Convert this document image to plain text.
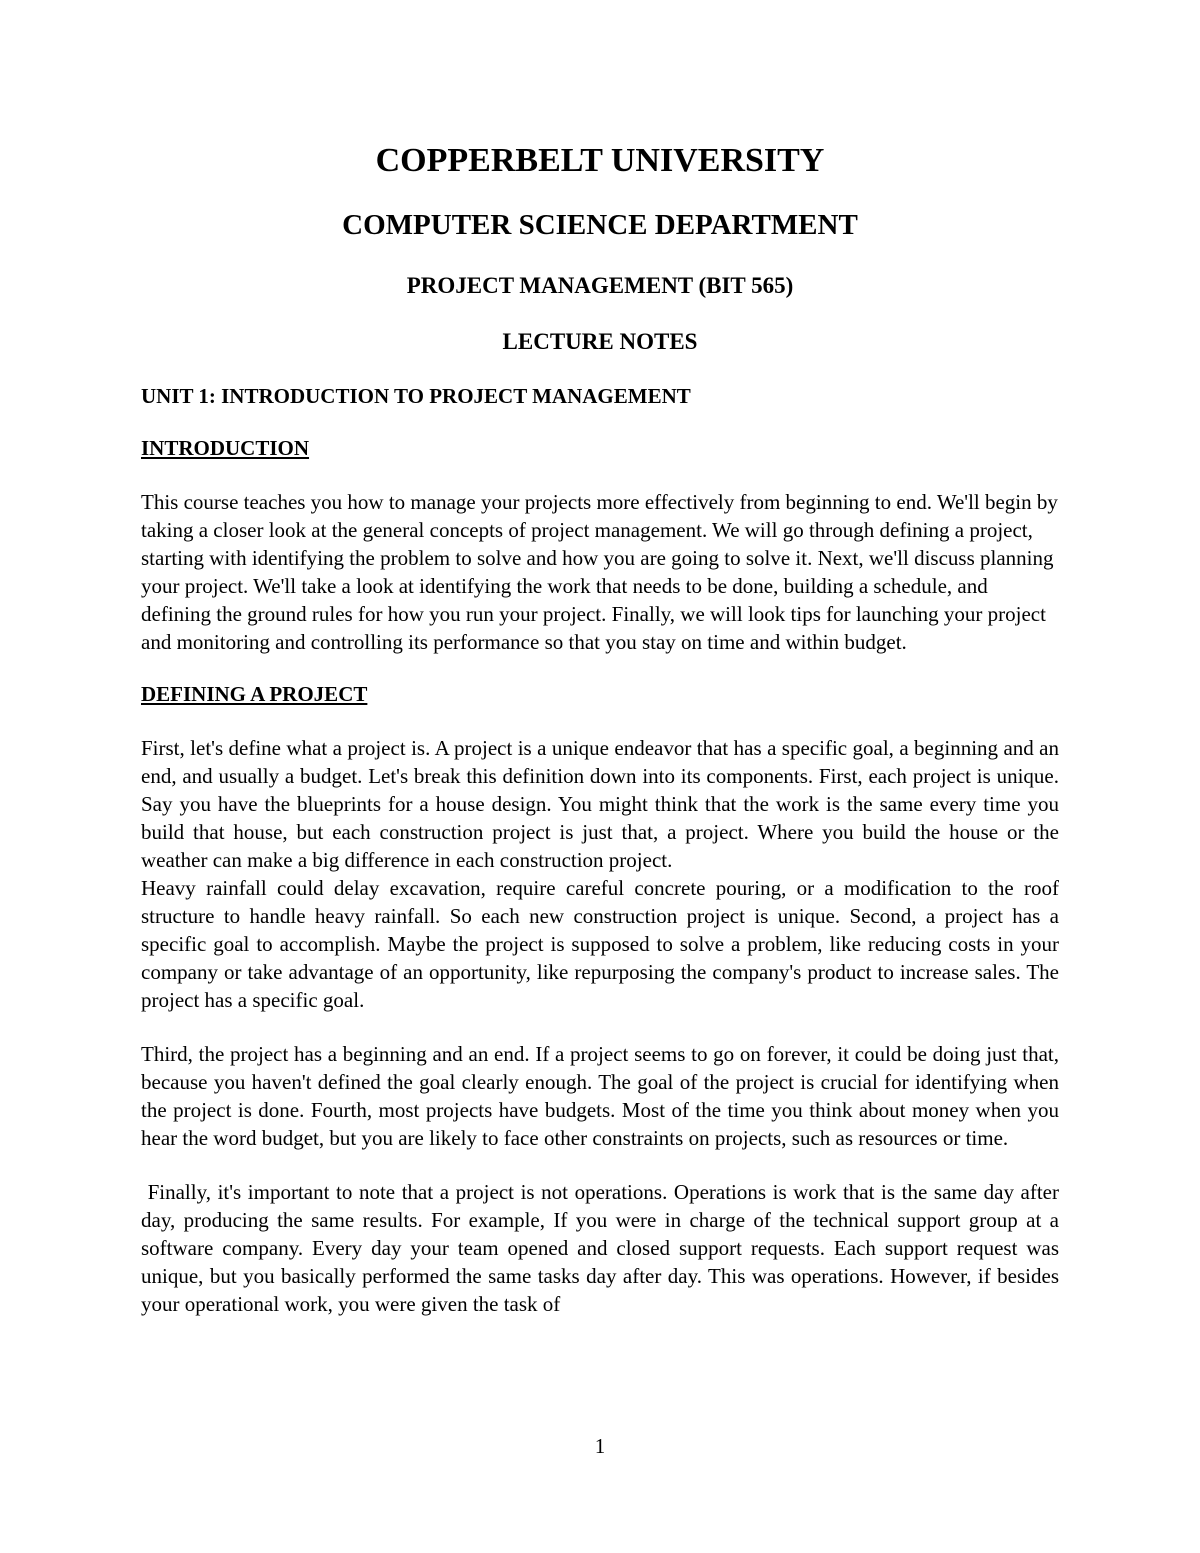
COPPERBELT UNIVERSITY

COMPUTER SCIENCE DEPARTMENT

PROJECT MANAGEMENT (BIT 565)

LECTURE NOTES

UNIT 1: INTRODUCTION TO PROJECT MANAGEMENT

INTRODUCTION

This course teaches you how to manage your projects more effectively from beginning to end. We'll begin by taking a closer look at the general concepts of project management. We will go through defining a project, starting with identifying the problem to solve and how you are going to solve it. Next, we'll discuss planning your project. We'll take a look at identifying the work that needs to be done, building a schedule, and defining the ground rules for how you run your project. Finally, we will look tips for launching your project and monitoring and controlling its performance so that you stay on time and within budget.

DEFINING A PROJECT

First, let's define what a project is. A project is a unique endeavor that has a specific goal, a beginning and an end, and usually a budget. Let's break this definition down into its components. First, each project is unique. Say you have the blueprints for a house design. You might think that the work is the same every time you build that house, but each construction project is just that, a project. Where you build the house or the weather can make a big difference in each construction project.

Heavy rainfall could delay excavation, require careful concrete pouring, or a modification to the roof structure to handle heavy rainfall. So each new construction project is unique. Second, a project has a specific goal to accomplish. Maybe the project is supposed to solve a problem, like reducing costs in your company or take advantage of an opportunity, like repurposing the company's product to increase sales. The project has a specific goal.

Third, the project has a beginning and an end. If a project seems to go on forever, it could be doing just that, because you haven't defined the goal clearly enough. The goal of the project is crucial for identifying when the project is done. Fourth, most projects have budgets. Most of the time you think about money when you hear the word budget, but you are likely to face other constraints on projects, such as resources or time.

Finally, it's important to note that a project is not operations. Operations is work that is the same day after day, producing the same results. For example, If you were in charge of the technical support group at a software company. Every day your team opened and closed support requests. Each support request was unique, but you basically performed the same tasks day after day. This was operations. However, if besides your operational work, you were given the task of

1
